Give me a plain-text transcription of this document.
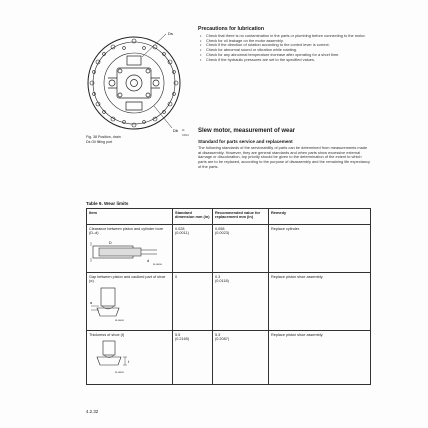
Ds
Db
Fig. 38 Position, drain
Ds Oil filling port
W-16624
Precautions for lubrication
• Check that there is no contamination in the parts or plumbing before connecting to the motor.
• Check for oil leakage on the motor assembly.
• Check if the direction of rotation according to the control lever is correct.
• Check for abnormal sound or vibration while rotating.
• Check for any abnormal temperature increase after operating for a short time.
• Check if the hydraulic pressures are set to the specified values.
Slew motor, measurement of wear
Standard for parts service and replacement

The following standards of the serviceability of parts can be determined from measurements made at disassembly. However, they are general standards and when parts show excessive external damage or discoloration, top priority should be given to the determination of the extent to which parts are to be replaced, according to the purpose of disassembly and the remaining life expectancy of the parts.

Table 9. Wear limits
Item	Standard dimension mm (in)	Recommended value for replacement mm (in)	Remedy

Clearance between piston and cylinder bore (D–d)
D
d
W-16616	0.028
(0.0011)	0.058
(0.0023)	Replace cylinder.

Gap between piston and caulked part of shoe (α)
α
W-16626	0	0.3
(0.0118)	Replace piston shoe assembly.

Thickness of shoe (t)
t
W-16625	5.5
(0.2165)	5.3
(0.2087)	Replace piston shoe assembly.
4.2.32
